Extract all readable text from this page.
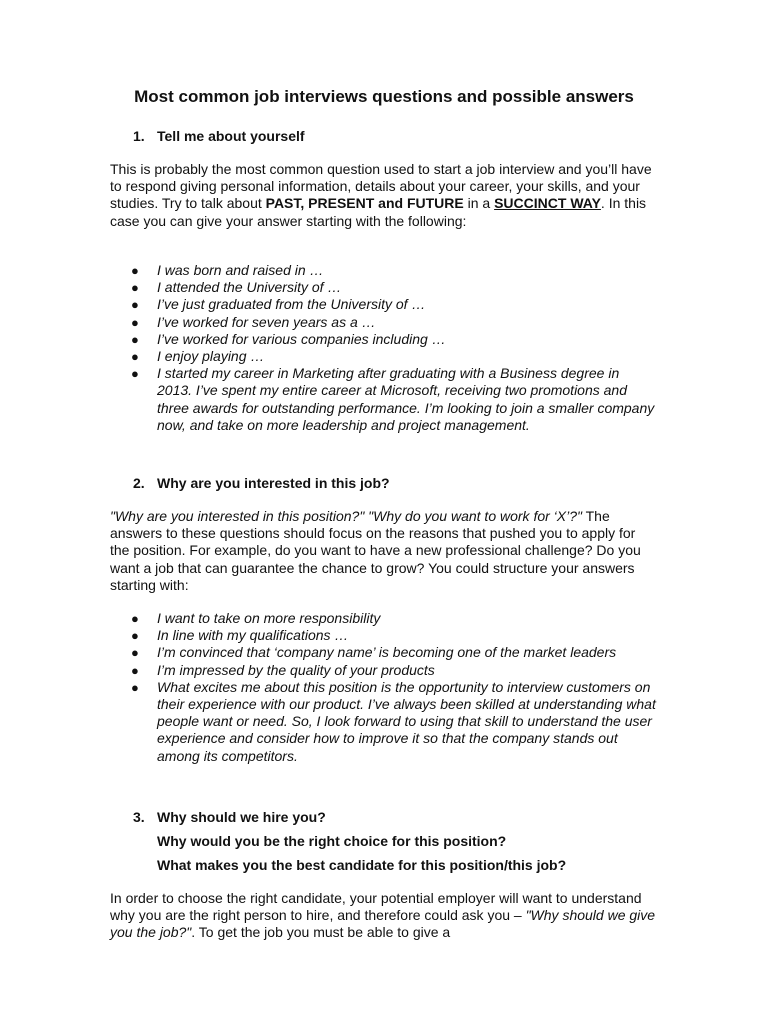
Most common job interviews questions and possible answers
1. Tell me about yourself
This is probably the most common question used to start a job interview and you’ll have to respond giving personal information, details about your career, your skills, and your studies. Try to talk about PAST, PRESENT and FUTURE in a SUCCINCT WAY. In this case you can give your answer starting with the following:
● I was born and raised in …
● I attended the University of …
● I’ve just graduated from the University of …
● I’ve worked for seven years as a …
● I’ve worked for various companies including …
● I enjoy playing …
● I started my career in Marketing after graduating with a Business degree in 2013. I’ve spent my entire career at Microsoft, receiving two promotions and three awards for outstanding performance. I’m looking to join a smaller company now, and take on more leadership and project management.
2. Why are you interested in this job?
"Why are you interested in this position?" "Why do you want to work for ‘X’?" The answers to these questions should focus on the reasons that pushed you to apply for the position. For example, do you want to have a new professional challenge? Do you want a job that can guarantee the chance to grow? You could structure your answers starting with:
● I want to take on more responsibility
● In line with my qualifications …
● I’m convinced that ‘company name’ is becoming one of the market leaders
● I’m impressed by the quality of your products
● What excites me about this position is the opportunity to interview customers on their experience with our product. I’ve always been skilled at understanding what people want or need. So, I look forward to using that skill to understand the user experience and consider how to improve it so that the company stands out among its competitors.
3. Why should we hire you?
Why would you be the right choice for this position?
What makes you the best candidate for this position/this job?
In order to choose the right candidate, your potential employer will want to understand why you are the right person to hire, and therefore could ask you – "Why should we give you the job?". To get the job you must be able to give a
